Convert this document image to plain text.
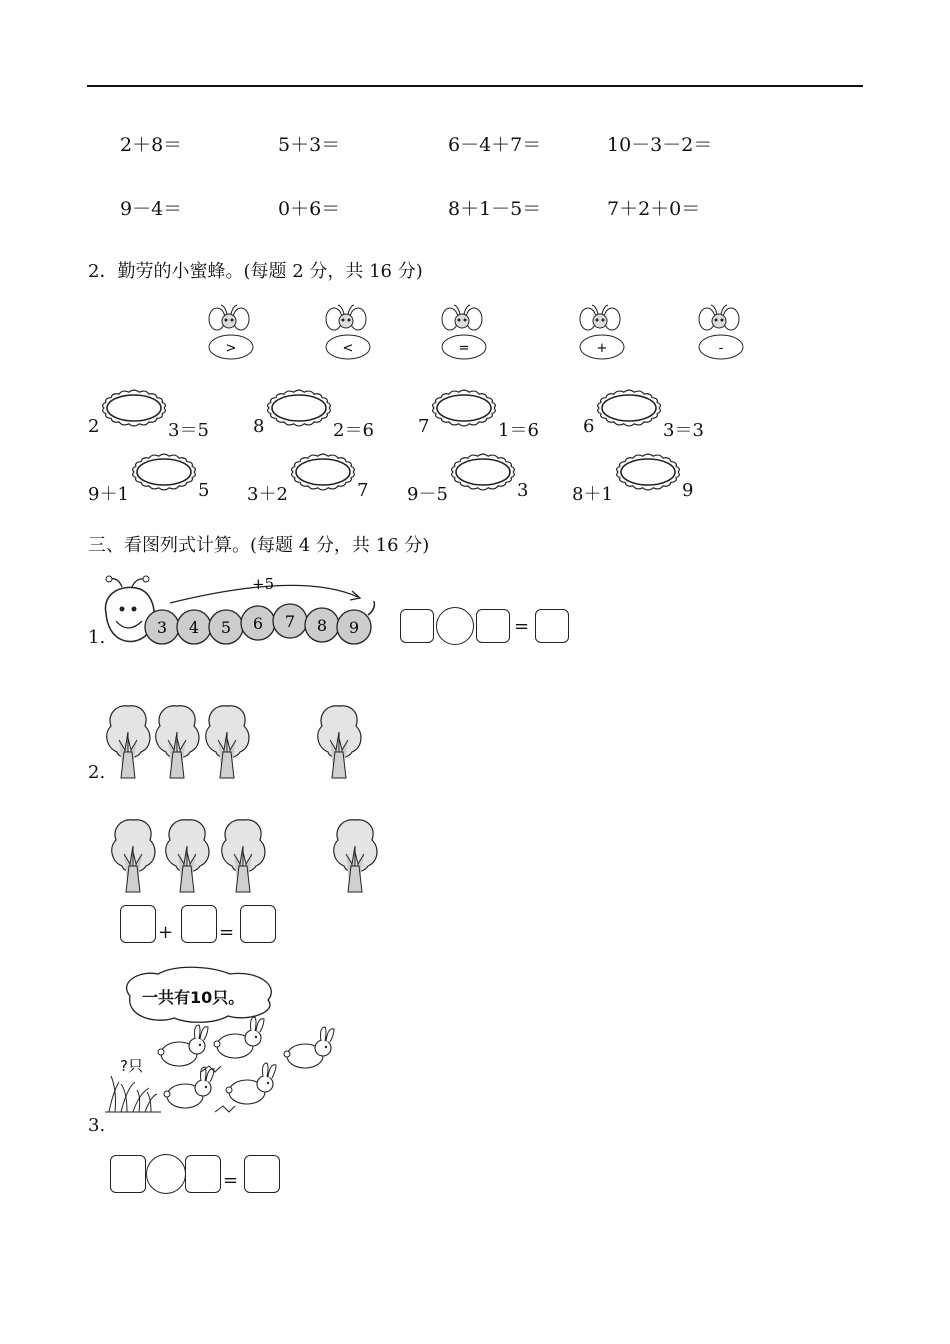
2＋8＝	5＋3＝	6－4＋7＝	10－3－2＝
9－4＝	0＋6＝	8＋1－5＝	7＋2＋0＝
2．勤劳的小蜜蜂。(每题 2 分，共 16 分)
>	<	=	+	-
2	3＝5 8	2＝6 7	1＝6 6	3＝3
9＋1	5 3＋2	7 9－5	3 8＋1	9
三、看图列式计算。(每题 4 分，共 16 分)
1.	3 4 5 6 7 8 9
+5
=
2.
+	=
一共有10只。
?只
3.
=
